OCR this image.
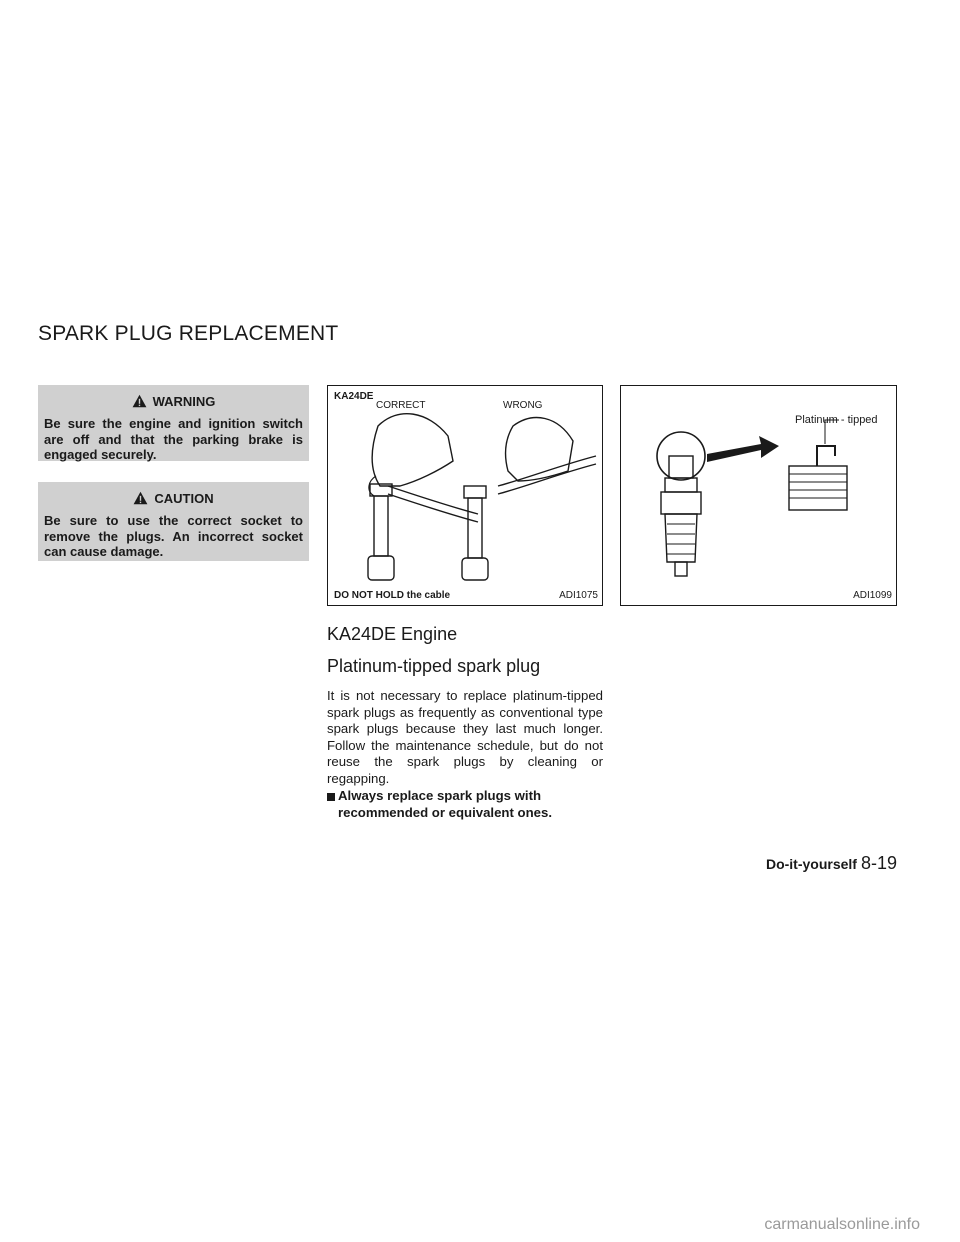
SPARK PLUG REPLACEMENT
WARNING
Be sure the engine and ignition switch are off and that the parking brake is engaged securely.
CAUTION
Be sure to use the correct socket to remove the plugs. An incorrect socket can cause damage.
KA24DE
CORRECT	WRONG
DO NOT HOLD the cable	ADI1075
Platinum - tipped
ADI1099
KA24DE Engine
Platinum-tipped spark plug
It is not necessary to replace platinum-tipped spark plugs as frequently as conventional type spark plugs because they last much longer. Follow the maintenance schedule, but do not reuse the spark plugs by cleaning or regapping.
Always replace spark plugs with recommended or equivalent ones.
Do-it-yourself 8-19
carmanualsonline.info
